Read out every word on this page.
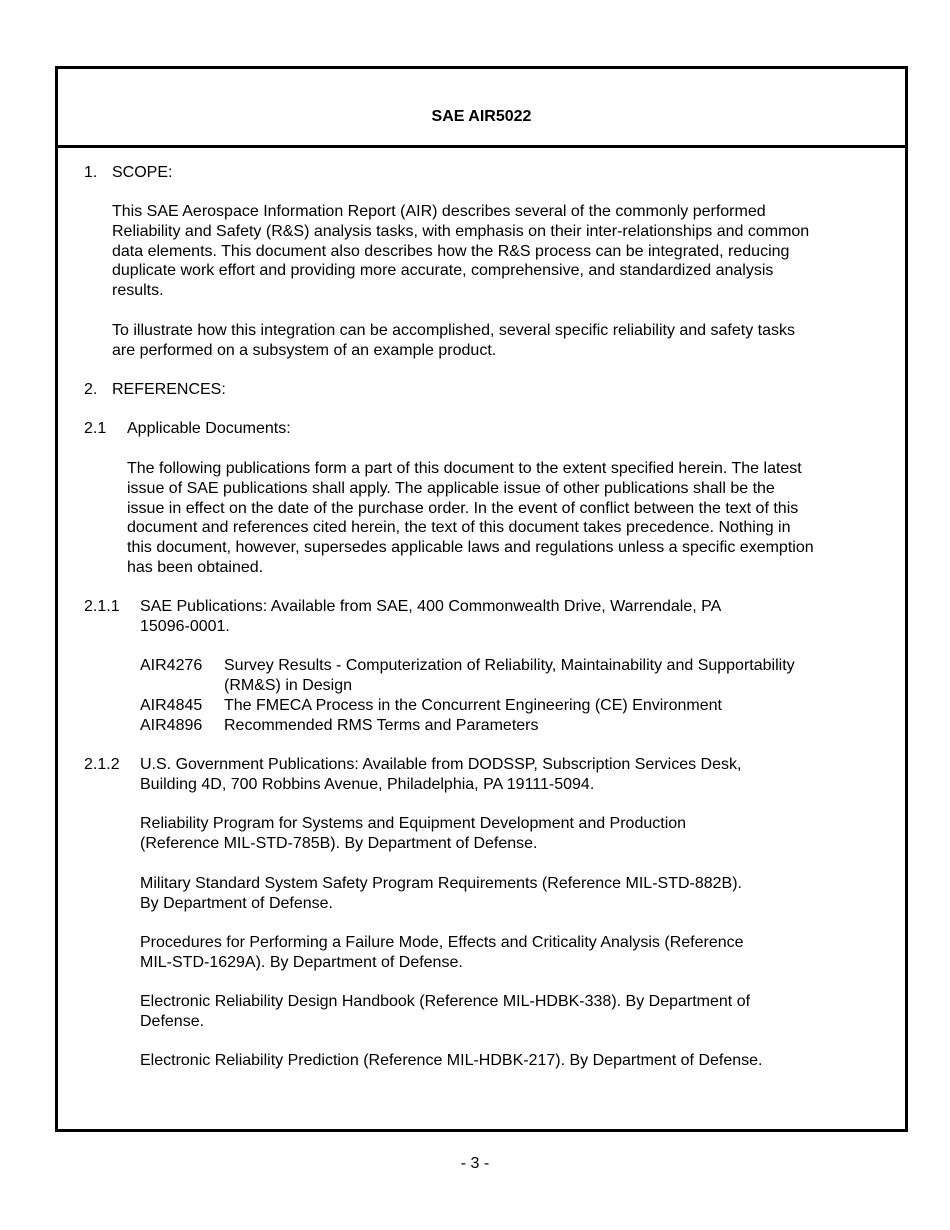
SAE AIR5022
1. SCOPE:
This SAE Aerospace Information Report (AIR) describes several of the commonly performed
Reliability and Safety (R&S) analysis tasks, with emphasis on their inter-relationships and common
data elements. This document also describes how the R&S process can be integrated, reducing
duplicate work effort and providing more accurate, comprehensive, and standardized analysis
results.
To illustrate how this integration can be accomplished, several specific reliability and safety tasks
are performed on a subsystem of an example product.
2. REFERENCES:
2.1 Applicable Documents:
The following publications form a part of this document to the extent specified herein. The latest
issue of SAE publications shall apply. The applicable issue of other publications shall be the
issue in effect on the date of the purchase order. In the event of conflict between the text of this
document and references cited herein, the text of this document takes precedence. Nothing in
this document, however, supersedes applicable laws and regulations unless a specific exemption
has been obtained.
2.1.1 SAE Publications: Available from SAE, 400 Commonwealth Drive, Warrendale, PA
15096-0001.
AIR4276 Survey Results - Computerization of Reliability, Maintainability and Supportability
(RM&S) in Design
AIR4845 The FMECA Process in the Concurrent Engineering (CE) Environment
AIR4896 Recommended RMS Terms and Parameters
2.1.2 U.S. Government Publications: Available from DODSSP, Subscription Services Desk,
Building 4D, 700 Robbins Avenue, Philadelphia, PA 19111-5094.
Reliability Program for Systems and Equipment Development and Production
(Reference MIL-STD-785B). By Department of Defense.
Military Standard System Safety Program Requirements (Reference MIL-STD-882B).
By Department of Defense.
Procedures for Performing a Failure Mode, Effects and Criticality Analysis (Reference
MIL-STD-1629A). By Department of Defense.
Electronic Reliability Design Handbook (Reference MIL-HDBK-338). By Department of
Defense.
Electronic Reliability Prediction (Reference MIL-HDBK-217). By Department of Defense.
- 3 -
